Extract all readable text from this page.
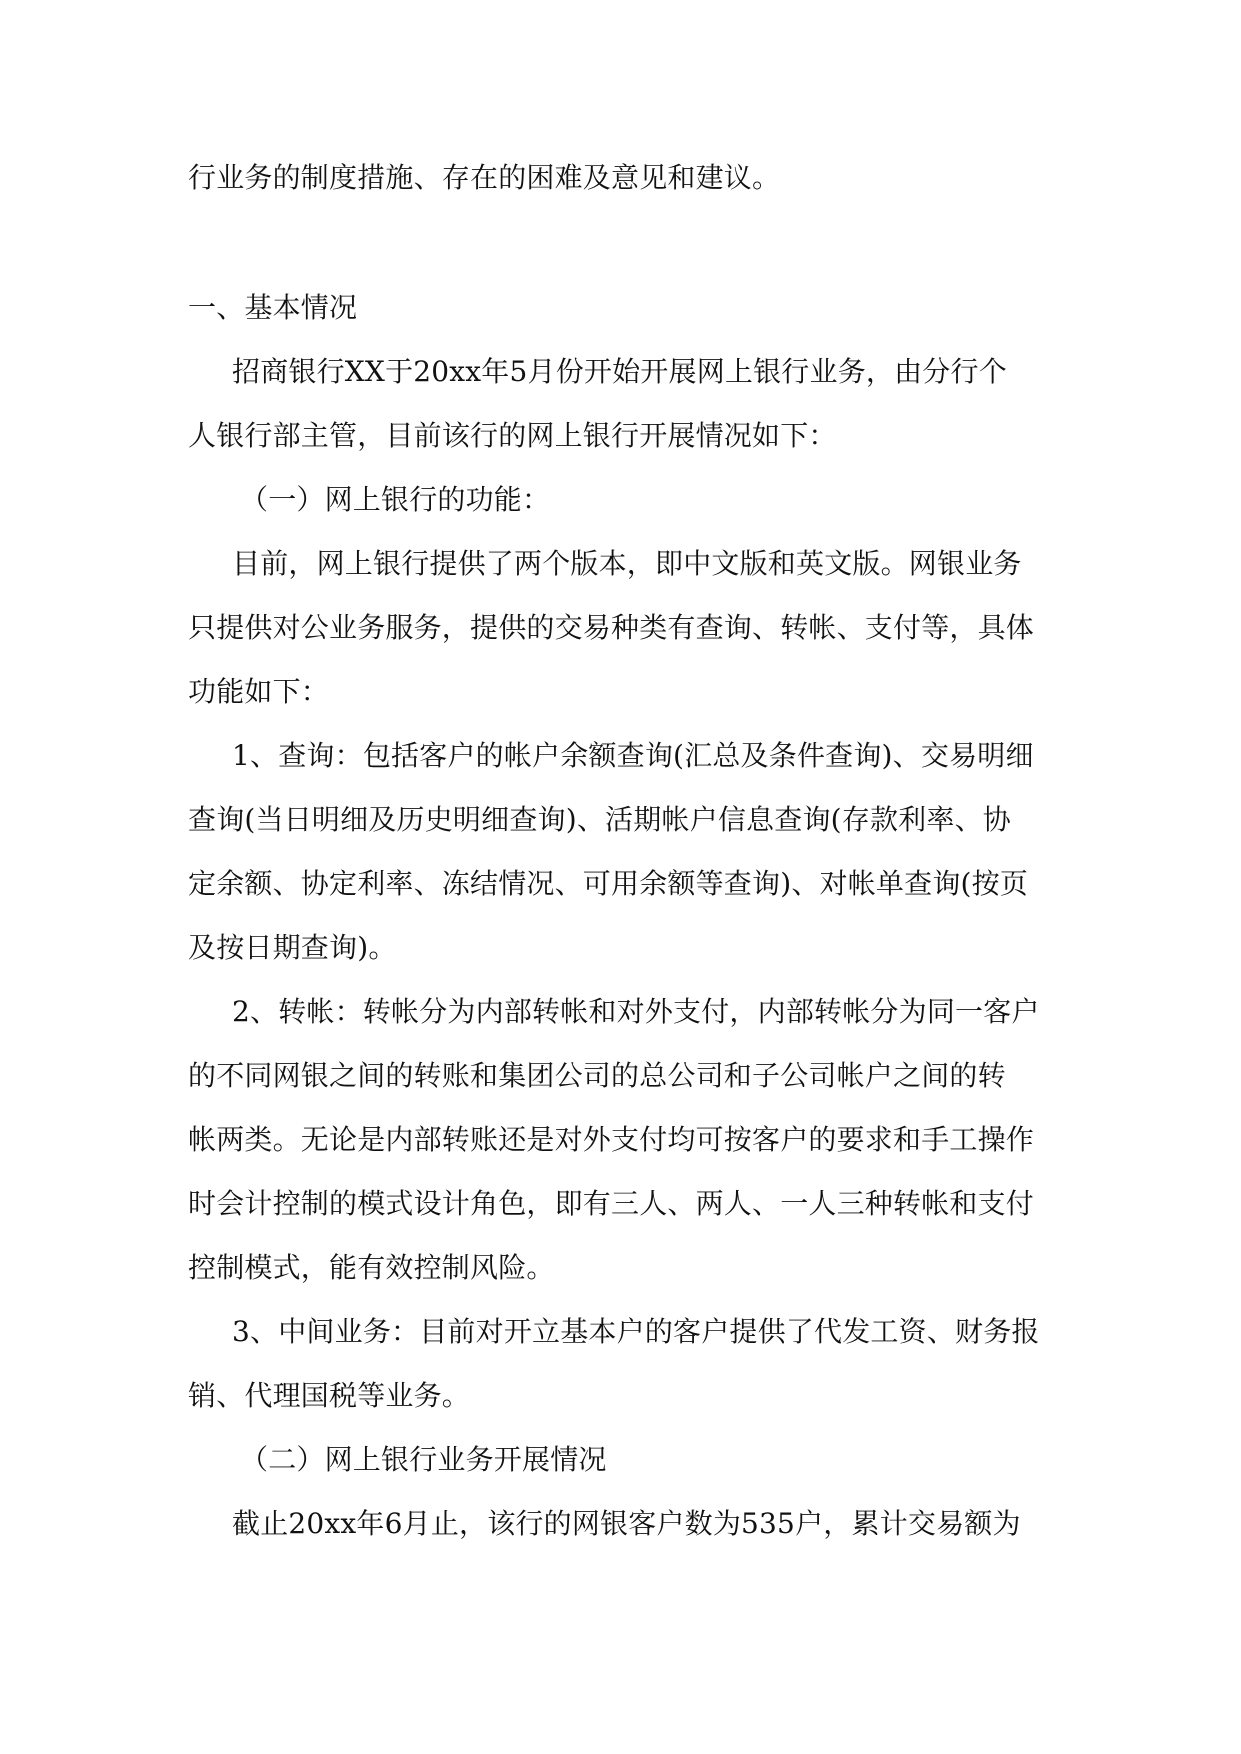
行业务的制度措施、存在的困难及意见和建议。

一、基本情况

招商银行XX于20xx年5月份开始开展网上银行业务，由分行个

人银行部主管，目前该行的网上银行开展情况如下：

（一）网上银行的功能：

目前，网上银行提供了两个版本，即中文版和英文版。网银业务

只提供对公业务服务，提供的交易种类有查询、转帐、支付等，具体

功能如下：

1、查询：包括客户的帐户余额查询(汇总及条件查询)、交易明细

查询(当日明细及历史明细查询)、活期帐户信息查询(存款利率、协

定余额、协定利率、冻结情况、可用余额等查询)、对帐单查询(按页

及按日期查询)。

2、转帐：转帐分为内部转帐和对外支付，内部转帐分为同一客户

的不同网银之间的转账和集团公司的总公司和子公司帐户之间的转

帐两类。无论是内部转账还是对外支付均可按客户的要求和手工操作

时会计控制的模式设计角色，即有三人、两人、一人三种转帐和支付

控制模式，能有效控制风险。

3、中间业务：目前对开立基本户的客户提供了代发工资、财务报

销、代理国税等业务。

（二）网上银行业务开展情况

截止20xx年6月止，该行的网银客户数为535户，累计交易额为
